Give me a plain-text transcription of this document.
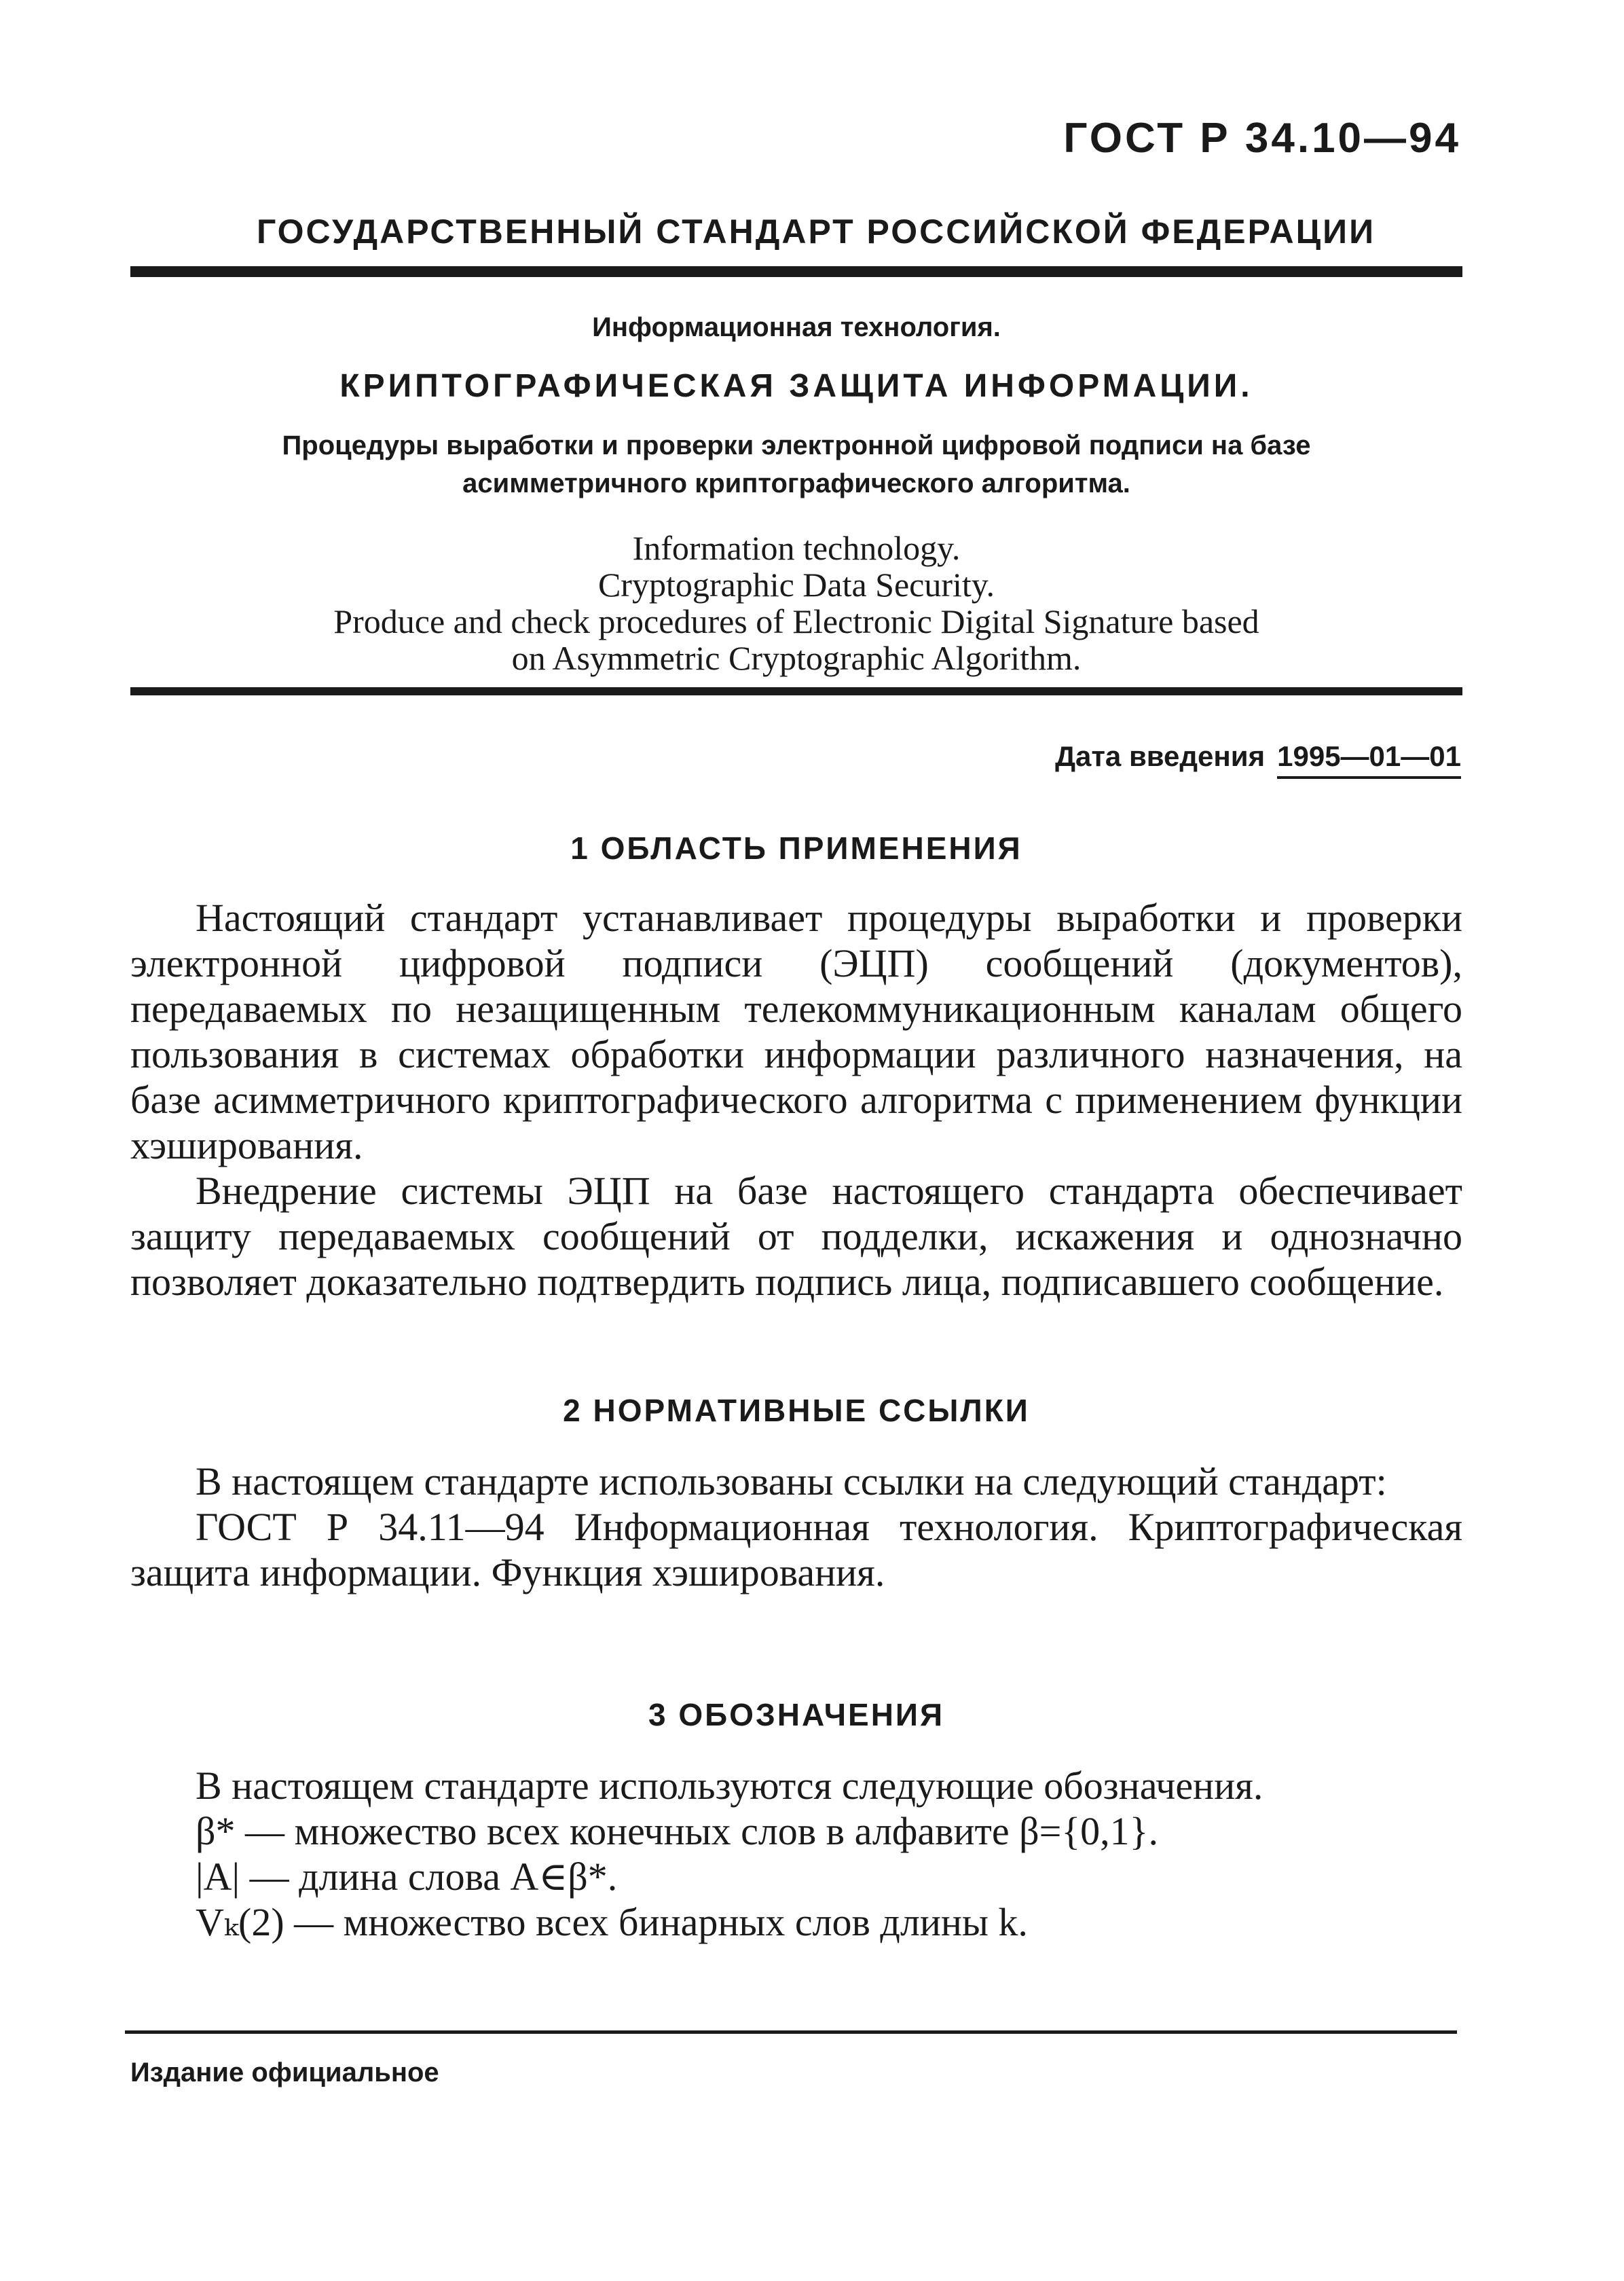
ГОСТ Р 34.10—94
ГОСУДАРСТВЕННЫЙ СТАНДАРТ РОССИЙСКОЙ ФЕДЕРАЦИИ
Информационная технология.
КРИПТОГРАФИЧЕСКАЯ ЗАЩИТА ИНФОРМАЦИИ.
Процедуры выработки и проверки электронной цифровой подписи на базе асимметричного криптографического алгоритма.
Information technology.
Cryptographic Data Security.
Produce and check procedures of Electronic Digital Signature based
on Asymmetric Cryptographic Algorithm.
Дата введения 1995—01—01
1 ОБЛАСТЬ ПРИМЕНЕНИЯ

Настоящий стандарт устанавливает процедуры выработки и проверки электронной цифровой подписи (ЭЦП) сообщений (документов), передаваемых по незащищенным телекоммуникационным каналам общего пользования в системах обработки информации различного назначения, на базе асимметричного криптографического алгоритма с применением функции хэширования.

Внедрение системы ЭЦП на базе настоящего стандарта обеспечивает защиту передаваемых сообщений от подделки, искажения и однозначно позволяет доказательно подтвердить подпись лица, подписавшего сообщение.

2 НОРМАТИВНЫЕ ССЫЛКИ

В настоящем стандарте использованы ссылки на следующий стандарт:

ГОСТ Р 34.11—94 Информационная технология. Криптографическая защита информации. Функция хэширования.

3 ОБОЗНАЧЕНИЯ

В настоящем стандарте используются следующие обозначения.

β* — множество всех конечных слов в алфавите β={0,1}.

|A| — длина слова A∈β*.

Vₖ(2) — множество всех бинарных слов длины k.

Издание официальное
